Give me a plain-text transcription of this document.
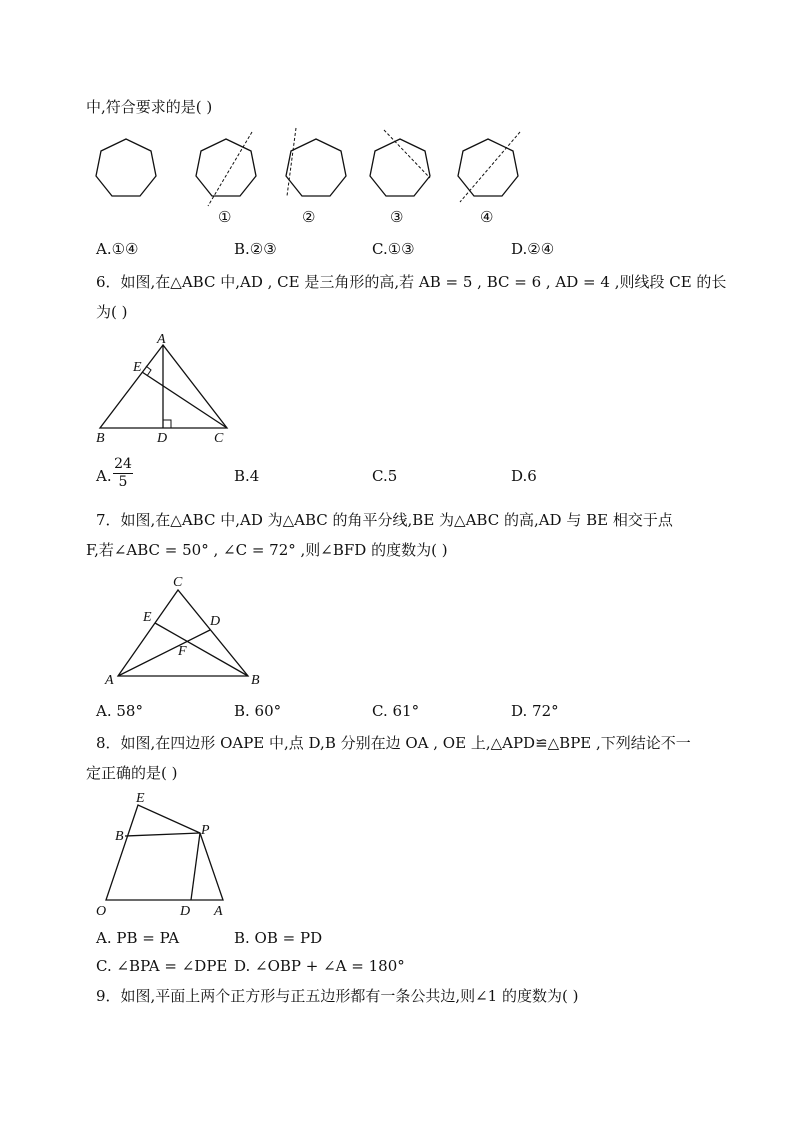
中,符合要求的是( )
①	②	③	④
A.①④	B.②③	C.①③	D.②④
6．如图,在△ABC 中,AD , CE 是三角形的高,若 AB = 5 , BC = 6 , AD = 4 ,则线段 CE 的长
为( )
A
E
B	D	C
A. $\frac{24}{5}$	B.4	C.5	D.6
7．如图,在△ABC 中,AD 为△ABC 的角平分线,BE 为△ABC 的高,AD 与 BE 相交于点
F,若∠ABC = 50° , ∠C = 72° ,则∠BFD 的度数为( )
C
E	D
F
A	B
A. 58°	B. 60°	C. 61°	D. 72°
8．如图,在四边形 OAPE 中,点 D,B 分别在边 OA , OE 上,△APD≌△BPE ,下列结论不一
定正确的是( )
E
B	P
O	D A
A. PB = PA	B. OB = PD
C. ∠BPA = ∠DPE D. ∠OBP + ∠A = 180°
9．如图,平面上两个正方形与正五边形都有一条公共边,则∠1 的度数为( )
